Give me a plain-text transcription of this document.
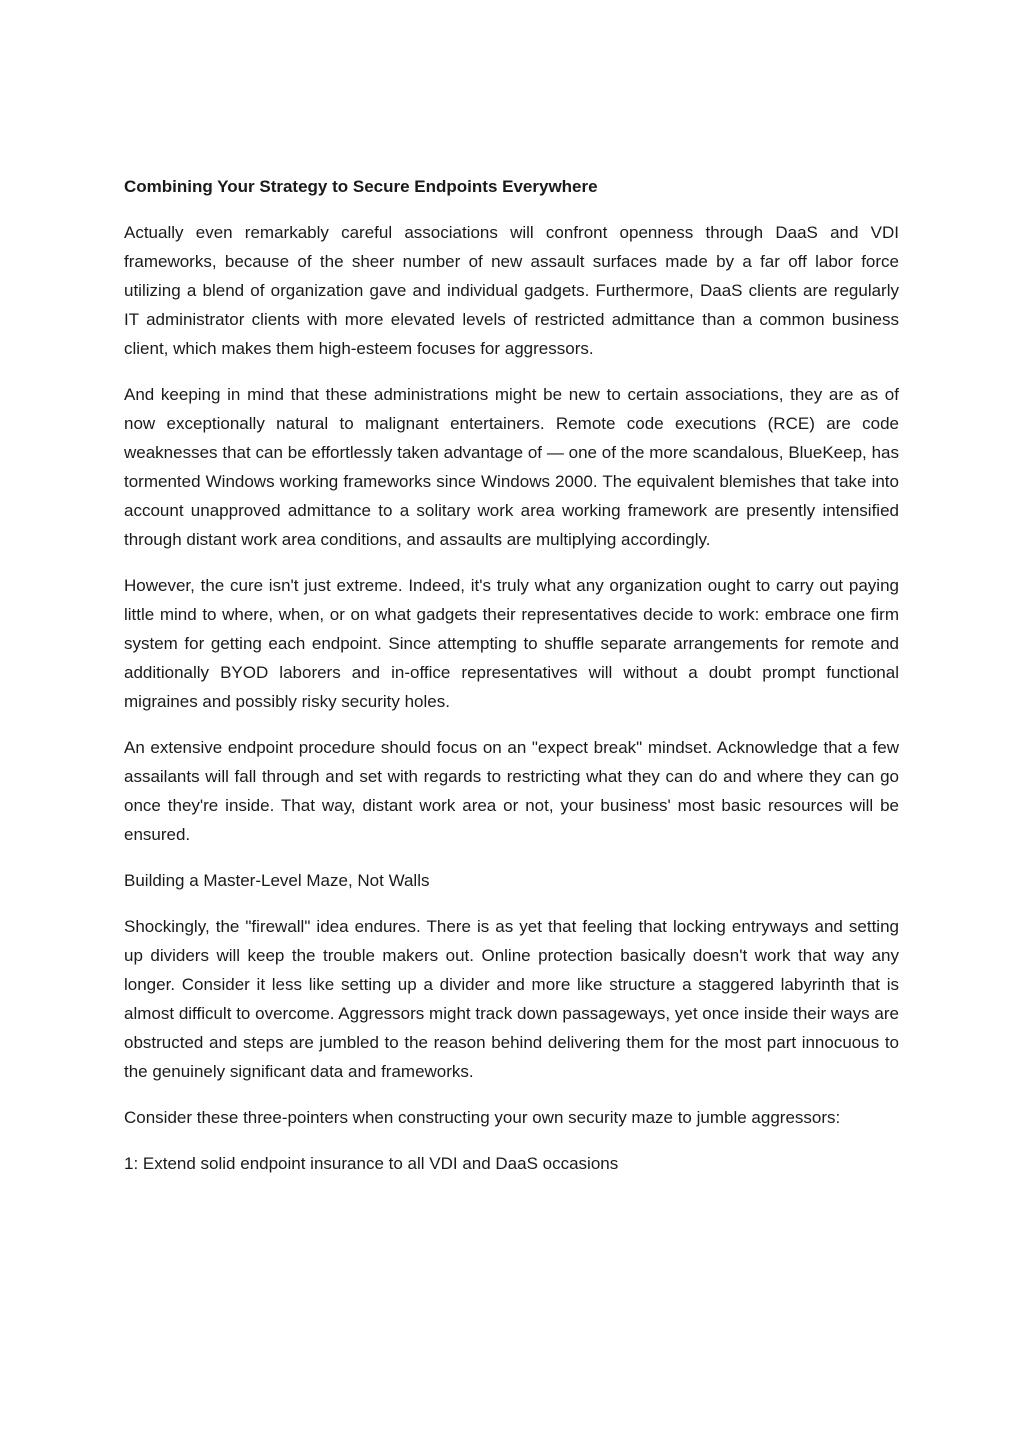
Combining Your Strategy to Secure Endpoints Everywhere

Actually even remarkably careful associations will confront openness through DaaS and VDI frameworks, because of the sheer number of new assault surfaces made by a far off labor force utilizing a blend of organization gave and individual gadgets. Furthermore, DaaS clients are regularly IT administrator clients with more elevated levels of restricted admittance than a common business client, which makes them high-esteem focuses for aggressors.

And keeping in mind that these administrations might be new to certain associations, they are as of now exceptionally natural to malignant entertainers. Remote code executions (RCE) are code weaknesses that can be effortlessly taken advantage of — one of the more scandalous, BlueKeep, has tormented Windows working frameworks since Windows 2000. The equivalent blemishes that take into account unapproved admittance to a solitary work area working framework are presently intensified through distant work area conditions, and assaults are multiplying accordingly.

However, the cure isn't just extreme. Indeed, it's truly what any organization ought to carry out paying little mind to where, when, or on what gadgets their representatives decide to work: embrace one firm system for getting each endpoint. Since attempting to shuffle separate arrangements for remote and additionally BYOD laborers and in-office representatives will without a doubt prompt functional migraines and possibly risky security holes.

An extensive endpoint procedure should focus on an "expect break" mindset. Acknowledge that a few assailants will fall through and set with regards to restricting what they can do and where they can go once they're inside. That way, distant work area or not, your business' most basic resources will be ensured.

Building a Master-Level Maze, Not Walls

Shockingly, the "firewall" idea endures. There is as yet that feeling that locking entryways and setting up dividers will keep the trouble makers out. Online protection basically doesn't work that way any longer. Consider it less like setting up a divider and more like structure a staggered labyrinth that is almost difficult to overcome. Aggressors might track down passageways, yet once inside their ways are obstructed and steps are jumbled to the reason behind delivering them for the most part innocuous to the genuinely significant data and frameworks.

Consider these three-pointers when constructing your own security maze to jumble aggressors:

1: Extend solid endpoint insurance to all VDI and DaaS occasions
